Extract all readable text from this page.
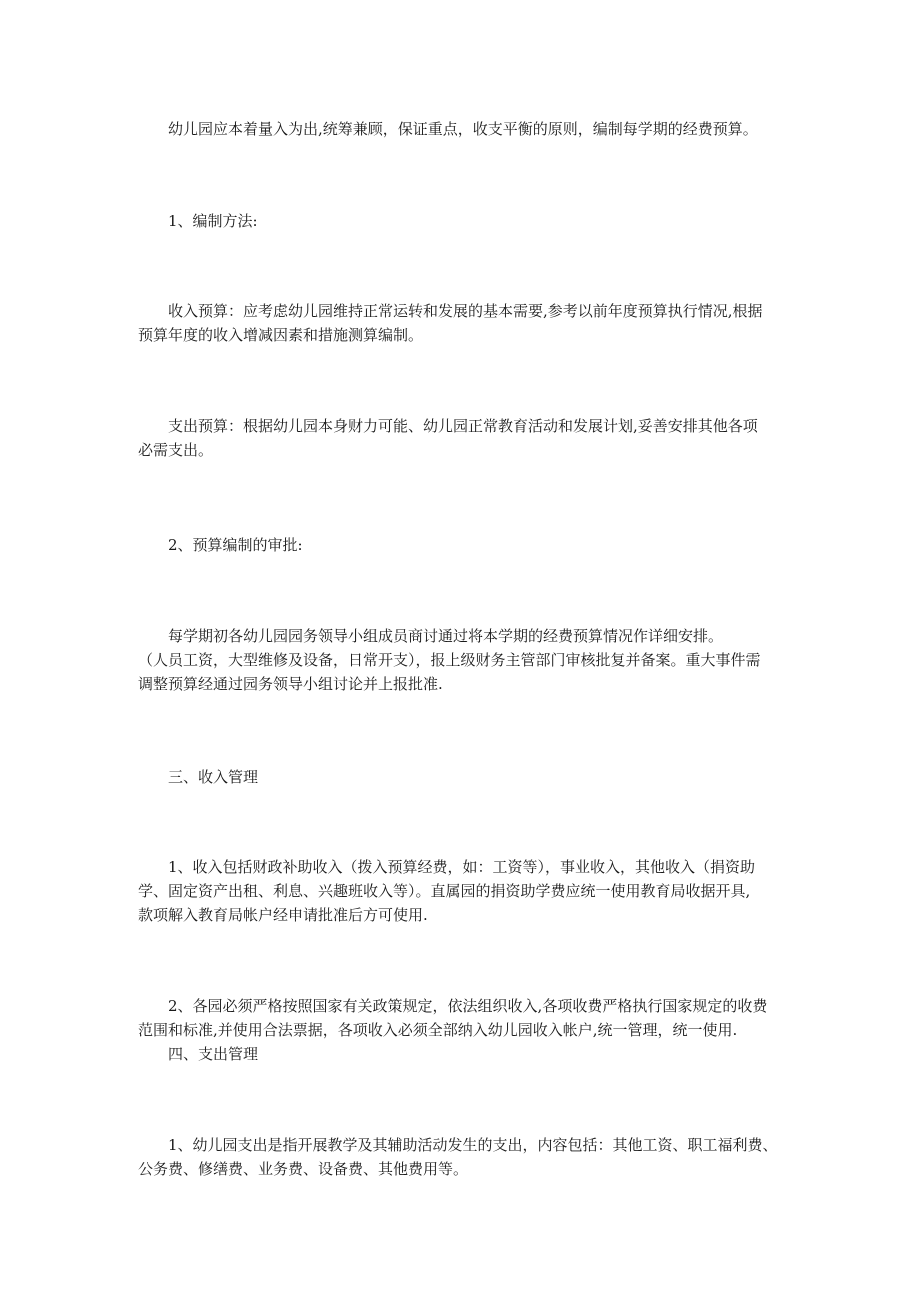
幼儿园应本着量入为出,统筹兼顾，保证重点，收支平衡的原则，编制每学期的经费预算。
1、编制方法:
收入预算：应考虑幼儿园维持正常运转和发展的基本需要,参考以前年度预算执行情况,根据
预算年度的收入增减因素和措施测算编制。
支出预算：根据幼儿园本身财力可能、幼儿园正常教育活动和发展计划,妥善安排其他各项
必需支出。
2、预算编制的审批:
每学期初各幼儿园园务领导小组成员商讨通过将本学期的经费预算情况作详细安排。
（人员工资，大型维修及设备，日常开支），报上级财务主管部门审核批复并备案。重大事件需
调整预算经通过园务领导小组讨论并上报批准.
三、收入管理
1、收入包括财政补助收入（拨入预算经费，如：工资等），事业收入，其他收入（捐资助
学、固定资产出租、利息、兴趣班收入等）。直属园的捐资助学费应统一使用教育局收据开具,
款项解入教育局帐户经申请批准后方可使用.
2、各园必须严格按照国家有关政策规定，依法组织收入,各项收费严格执行国家规定的收费
范围和标准,并使用合法票据，各项收入必须全部纳入幼儿园收入帐户,统一管理，统一使用.
四、支出管理
1、幼儿园支出是指开展教学及其辅助活动发生的支出，内容包括：其他工资、职工福利费、
公务费、修缮费、业务费、设备费、其他费用等。
